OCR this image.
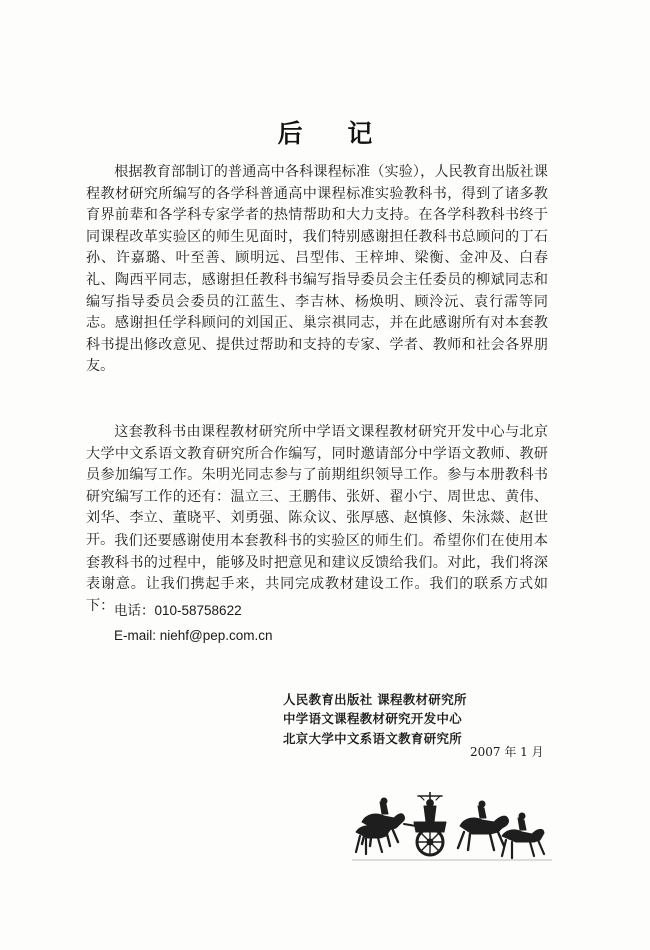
后 记

根据教育部制订的普通高中各科课程标准（实验），人民教育出版社课程教材研究所编写的各学科普通高中课程标准实验教科书，得到了诸多教育界前辈和各学科专家学者的热情帮助和大力支持。在各学科教科书终于同课程改革实验区的师生见面时，我们特别感谢担任教科书总顾问的丁石孙、许嘉璐、叶至善、顾明远、吕型伟、王梓坤、梁衡、金冲及、白春礼、陶西平同志，感谢担任教科书编写指导委员会主任委员的柳斌同志和编写指导委员会委员的江蓝生、李吉林、杨焕明、顾泠沅、袁行霈等同志。感谢担任学科顾问的刘国正、巢宗祺同志，并在此感谢所有对本套教科书提出修改意见、提供过帮助和支持的专家、学者、教师和社会各界朋友。

这套教科书由课程教材研究所中学语文课程教材研究开发中心与北京大学中文系语文教育研究所合作编写，同时邀请部分中学语文教师、教研员参加编写工作。朱明光同志参与了前期组织领导工作。参与本册教科书研究编写工作的还有：温立三、王鹏伟、张妍、翟小宁、周世忠、黄伟、刘华、李立、董晓平、刘勇强、陈众议、张厚感、赵慎修、朱泳燚、赵世开。 我们还要感谢使用本套教科书的实验区的师生们。希望你们在使用本套教科书的过程中，能够及时把意见和建议反馈给我们。对此，我们将深表谢意。让我们携起手来，共同完成教材建设工作。我们的联系方式如下： 电话：010-58758622
E-mail: niehf@pep.com.cn
人民教育出版社 课程教材研究所
中学语文课程教材研究开发中心
北京大学中文系语文教育研究所
2007 年 1 月
